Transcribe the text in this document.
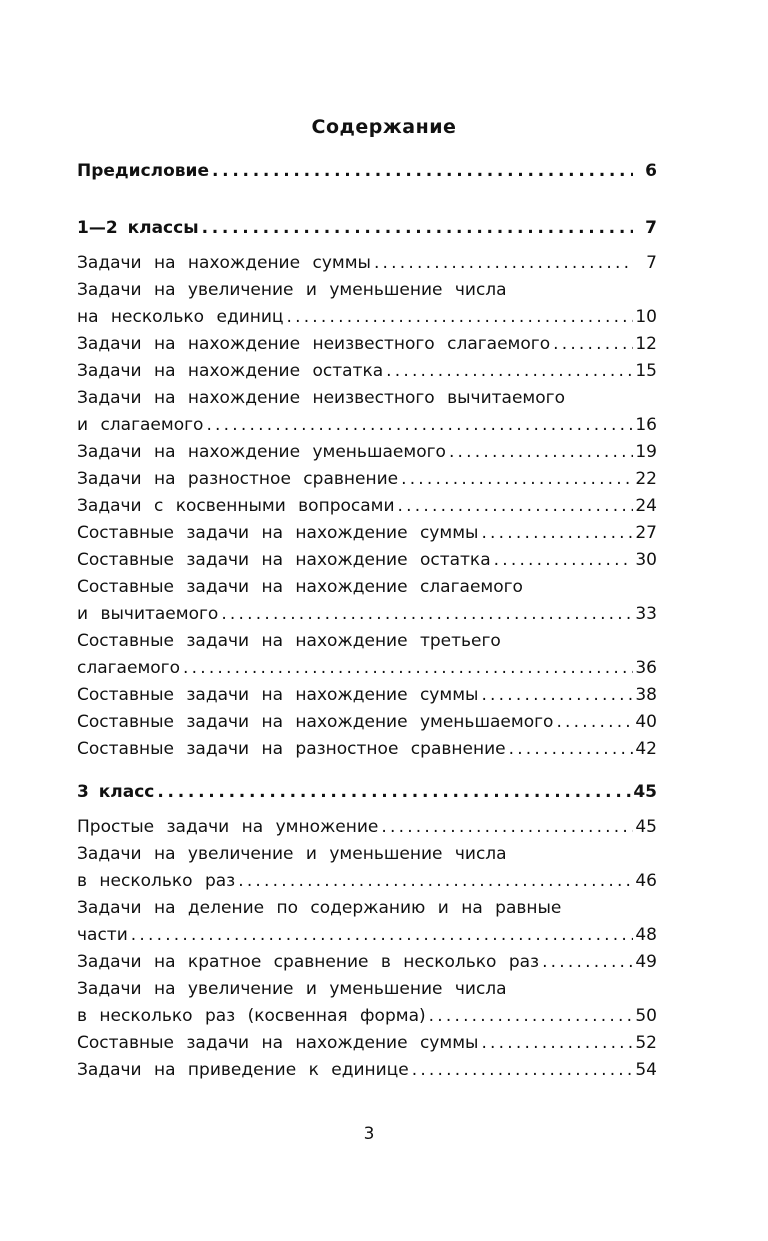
Содержание
Предисловие . . .	6
1—2 классы . . .	7
Задачи на нахождение суммы . . .	7
Задачи на увеличение и уменьшение числа
на несколько единиц . . .	10
Задачи на нахождение неизвестного слагаемого . . .	12
Задачи на нахождение остатка . . .	15
Задачи на нахождение неизвестного вычитаемого
и слагаемого . . .	16
Задачи на нахождение уменьшаемого . . .	19
Задачи на разностное сравнение . . .	22
Задачи с косвенными вопросами . . .	24
Составные задачи на нахождение суммы . . .	27
Составные задачи на нахождение остатка . . .	30
Составные задачи на нахождение слагаемого
и вычитаемого . . .	33
Составные задачи на нахождение третьего
слагаемого . . .	36
Составные задачи на нахождение суммы . . .	38
Составные задачи на нахождение уменьшаемого . . .	40
Составные задачи на разностное сравнение . . .	42
3 класс . . .	45
Простые задачи на умножение . . .	45
Задачи на увеличение и уменьшение числа
в несколько раз . . .	46
Задачи на деление по содержанию и на равные
части . . .	48
Задачи на кратное сравнение в несколько раз . . .	49
Задачи на увеличение и уменьшение числа
в несколько раз (косвенная форма) . . .	50
Составные задачи на нахождение суммы . . .	52
Задачи на приведение к единице . . .	54
3
